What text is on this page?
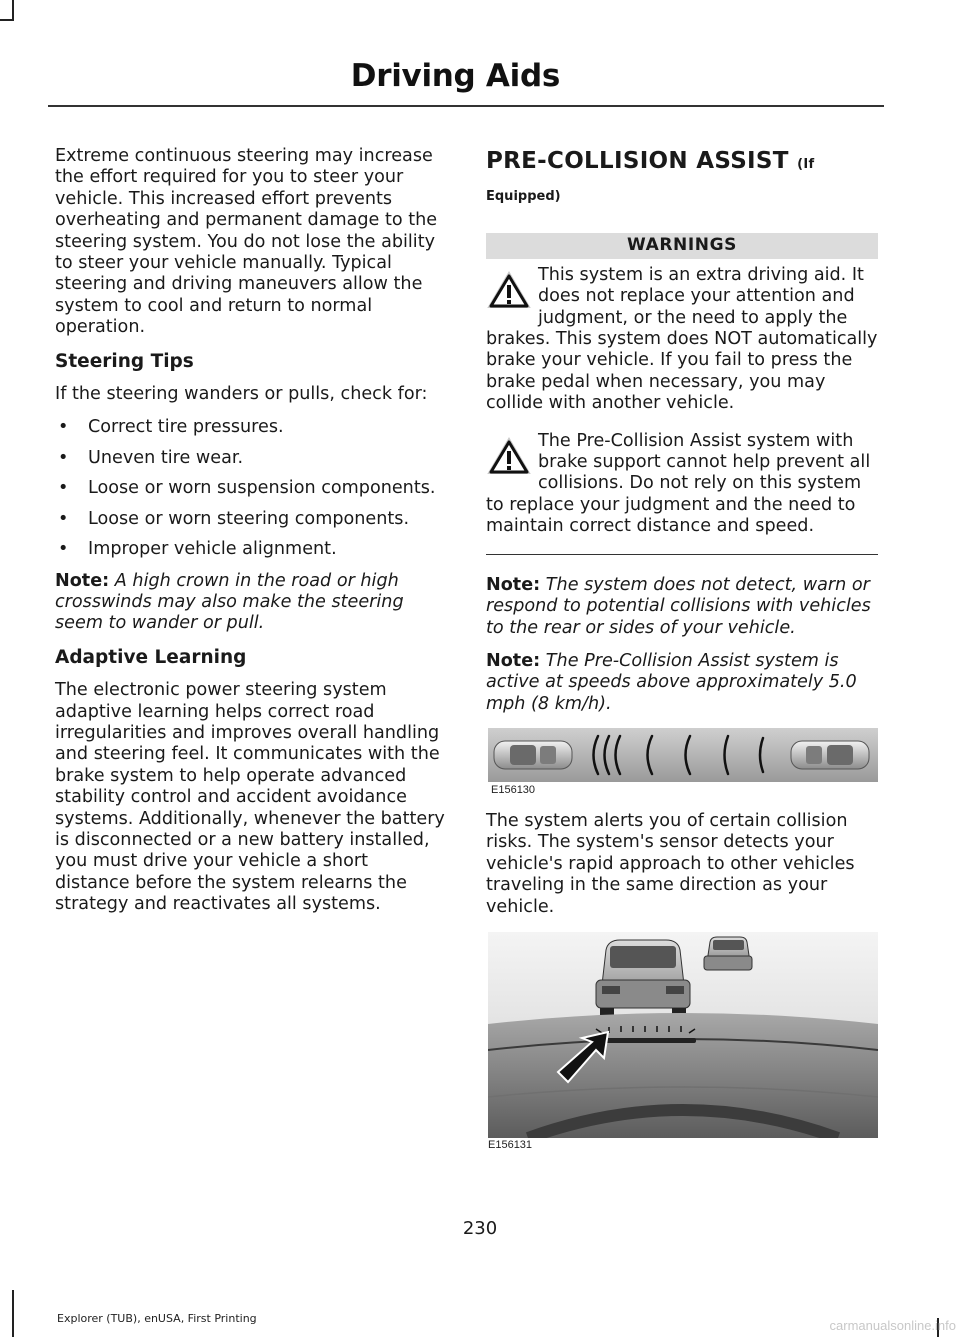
Driving Aids

Extreme continuous steering may increase the effort required for you to steer your vehicle. This increased effort prevents overheating and permanent damage to the steering system. You do not lose the ability to steer your vehicle manually. Typical steering and driving maneuvers allow the system to cool and return to normal operation.

Steering Tips

If the steering wanders or pulls, check for:

• Correct tire pressures.
• Uneven tire wear.
• Loose or worn suspension components.
• Loose or worn steering components.
• Improper vehicle alignment.

Note: A high crown in the road or high crosswinds may also make the steering seem to wander or pull.

Adaptive Learning

The electronic power steering system adaptive learning helps correct road irregularities and improves overall handling and steering feel. It communicates with the brake system to help operate advanced stability control and accident avoidance systems. Additionally, whenever the battery is disconnected or a new battery installed, you must drive your vehicle a short distance before the system relearns the strategy and reactivates all systems.

PRE-COLLISION ASSIST (If
Equipped)
WARNINGS
This system is an extra driving aid. It does not replace your attention and judgment, or the need to apply the brakes. This system does NOT automatically brake your vehicle. If you fail to press the brake pedal when necessary, you may collide with another vehicle.
The Pre-Collision Assist system with brake support cannot help prevent all collisions. Do not rely on this system to replace your judgment and the need to maintain correct distance and speed.

Note: The system does not detect, warn or respond to potential collisions with vehicles to the rear or sides of your vehicle.

Note: The Pre-Collision Assist system is active at speeds above approximately 5.0 mph (8 km/h).

E156130

The system alerts you of certain collision risks. The system's sensor detects your vehicle's rapid approach to other vehicles traveling in the same direction as your vehicle.

E156131
230
Explorer (TUB), enUSA, First Printing	carmanualsonline.info
